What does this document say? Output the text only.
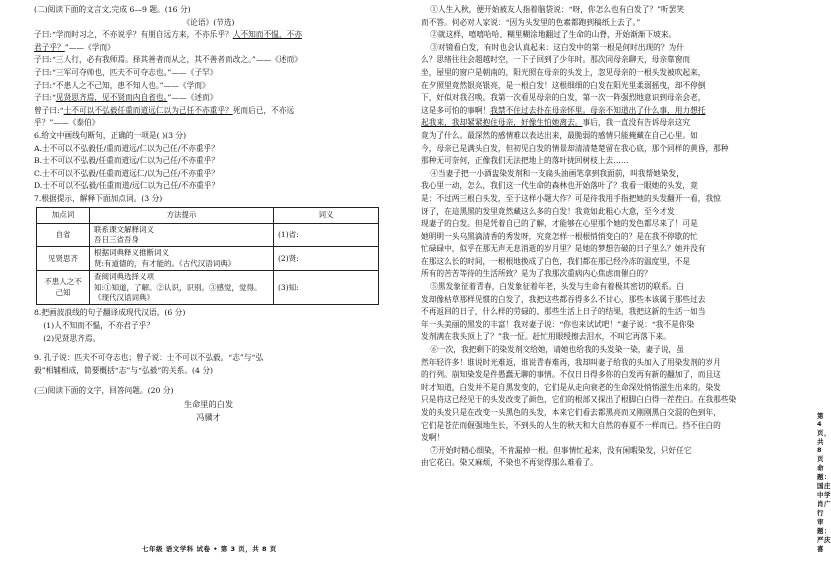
(二)阅读下面的文言文,完成 6—9 题。(16 分)

《论语》(节选)

子曰:“学而时习之，不亦说乎？有朋自远方来，不亦乐乎？人不知而不愠，不亦

君子乎？”——《学而》

子曰:“三人行，必有我师焉。择其善者而从之，其不善者而改之。”——《述而》

子曰:“三军可夺帅也，匹夫不可夺志也。”——《子罕》

子曰:“不患人之不己知，患不知人也。”——《学而》

子曰:“见贤思齐焉，见不贤而内自省也。”——《述而》

曾子曰:“士不可以不弘毅任重而道远仁以为己任不亦重乎？死而后已，不亦远

乎？”——《泰伯》

6.给文中画线句断句，正确的一项是( )(3 分)

A.士不可以不弘毅任/重而道远/仁以为己任/不亦重乎？

B.士不可以不弘毅/任重而道远/仁以为己任/不亦重乎？

C.士不可以不弘毅/任重而道远仁/以为己任/不亦重乎？

D.士不可以不弘毅/任重而道/远仁以为己任/不亦重乎？

7.根据提示，解释下面加点词。(3 分)

加点词	方法提示	词义
自省	联系课文解释词义
吾日三省吾身	(1)省:
见贤思齐	根据词典释义推断词义
贤:有道德的，有才能的。《古代汉语词典》	(2)贤:
不患人之不己知	查阅词典选择义项
知:①知道，了解。②认识，识别。③感觉，觉得。
《现代汉语词典》	(3)知:

8.把画波浪线的句子翻译成现代汉语。(6 分)

(1)人不知而不愠，不亦君子乎？

(2)见贤思齐焉。

9. 孔子说：匹夫不可夺志也；曾子说：士不可以不弘毅。“志”与“弘

毅”相辅相成，简要概括“志”与“弘毅”的关系。(4 分)

(三)阅读下面的文字，回答问题。(20 分)

生命里的白发

冯骥才

七年级 语文学科 试卷 • 第 3 页，共 8 页

①人生入秋，便开始被友人指着脑袋说：“呀，你怎么也有白发了？”听罢笑

而不答。何必对人家说：“因为头发里的色素都跑到稿纸上去了。”

②就这样，嘻嘻哈哈、糊里糊涂地翻过了生命的山脊，开始渐渐下坡来。

③对镜看白发，有时也会认真起来：这白发中的第一根是何时出现的？为什

么？思绪往往会超越时空，一下子回到了少年时。那次同母亲聊天，母亲靠窗而

坐，屋里的窗户是朝南的，阳光照在母亲的头发上，忽见母亲的一根头发被吹起来，

在夕照里竟然银亮银亮，是一根白发！这根细细的白发在阳光里柔弱摇曳，却不停倒

下，好似对我召唤。我第一次看见母亲的白发，第一次一阵强烈地意识到母亲会老，

这是多可怕的事啊！我禁不住过去扑在母亲怀里。母亲不知道出了什么事，用力想托

起我来，我却紧紧抱住母亲，好像生怕她离去。事后，我一直没有告诉母亲这究

竟为了什么。最深然的感情难以表达出来，最脆弱的感情只能掩藏在自己心里。如

今，母亲已是满头白发，但初见白发的情景却清清楚楚留在我心底，那个同样的黄昏，那种

那种无可奈何，正像我们无法把地上的落叶拢回树枝上去……

④当妻子把一小酒盅染发剂和一支扁头油画笔拿到我面前，叫我帮她染发，

我心里一动，怎么，我们这一代生命的森林也开始落叶了？我看一眼她的头发，竟

是：不过两三根白头发，至于这样小题大作？可是待我用手指把她的头发翻开一看，我惊

讶了，在這黑黑的发里竟然藏这么多的白发！我竟如此粗心大意，至今才发

现妻子的白发。但是凭着自已的了解，才能够在心里那个她的发色都尽来了！可是

她明明一头乌黑滴清香的秀发呀，究竟怎样一根根悄悄变白的？是在我不停歇的忙

忙碌碌中，似乎在那无声无息消逝的岁月里？是她的梦想告破的日子里么？她并没有

在那这么长的时间，一根根地换成了白色，我们都在那已经冷冻的温度里，不是

所有的苦苦等待的生活所致？是为了我那次重病内心焦虑而催白的？

⑤黑发象征着青春，白发象征着年老，头发与生命有着极其密切的联系。白

发却像枯草那样见惯的白发了，我把这些都吞得多么不甘心，那些本该属于那些过去

不再返回的日子，什么样的劳碌的、那些生活上日子的结果，我把这新的生活一如当

年一头美丽的黑发的丰富！我对妻子说：“你也来试试吧！”妻子说：“我不是你染

发剂满在我头顶上了？”我一怔。赶忙用眼绶擦去泪水，不叫它再落下来。

⑥一次，我把剩下的染发剂交给她，请她也给我的头发染一染，妻子说，虽

然年轻许多！谁说时光难返，谁说青春难再，我却叫妻子给我的头加入了用染发剂的岁月

的行列。崩知染发是件愚蠢无聊的事情。不仅日日得多你的白发再有新的翻加了，而且这

时才知道，白发并不是自黑发变的，它们是从走向衰老的生命深处悄悄滋生出来的。染发

只是将这已经见于的头发改变了颜色，它们的根部又探出了根脚白白得一茬茬白。在我那些染

发的头发只是在改变一头黑色的头发，本来它们看去都黑亮而又刚刚黑白交混的色到年，

它们是苍茫而倔强地生长，不到头的人生的秋天和大自然的春夏不一样而已。挡不住白的

发啊！

⑦开始时精心细染，不肯漏掉一根。但事情忙起来，没有闲暇染发，只好任它

由它花白。染又麻烦，不染也不再觉得那么难看了。

第 4 页，共 8 页 命题：国庄中学 肖广行 审题：严庆喜
